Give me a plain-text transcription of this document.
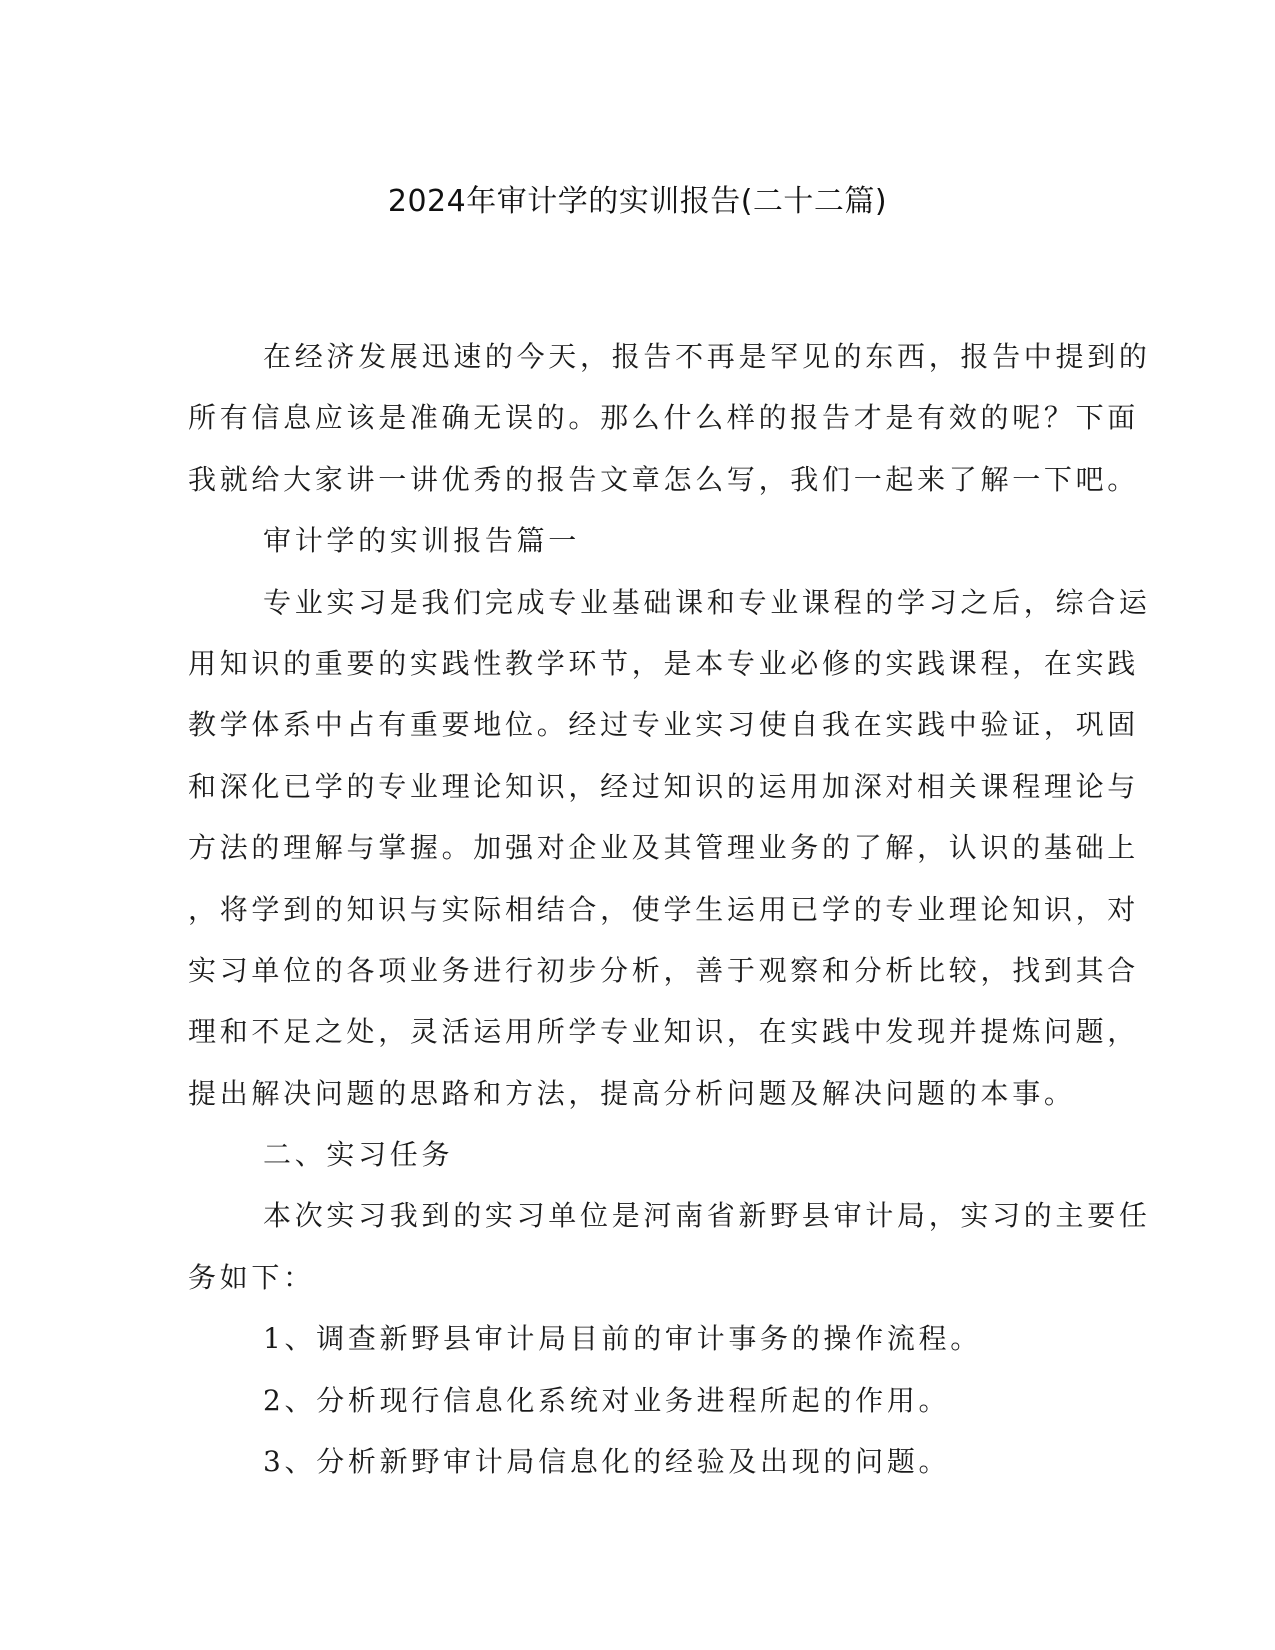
2024年审计学的实训报告(二十二篇)
在经济发展迅速的今天，报告不再是罕见的东西，报告中提到的
所有信息应该是准确无误的。那么什么样的报告才是有效的呢？下面
我就给大家讲一讲优秀的报告文章怎么写，我们一起来了解一下吧。
审计学的实训报告篇一
专业实习是我们完成专业基础课和专业课程的学习之后，综合运
用知识的重要的实践性教学环节，是本专业必修的实践课程，在实践
教学体系中占有重要地位。经过专业实习使自我在实践中验证，巩固
和深化已学的专业理论知识，经过知识的运用加深对相关课程理论与
方法的理解与掌握。加强对企业及其管理业务的了解，认识的基础上
，将学到的知识与实际相结合，使学生运用已学的专业理论知识，对
实习单位的各项业务进行初步分析，善于观察和分析比较，找到其合
理和不足之处，灵活运用所学专业知识，在实践中发现并提炼问题，
提出解决问题的思路和方法，提高分析问题及解决问题的本事。
二、实习任务
本次实习我到的实习单位是河南省新野县审计局，实习的主要任
务如下：
1、调查新野县审计局目前的审计事务的操作流程。
2、分析现行信息化系统对业务进程所起的作用。
3、分析新野审计局信息化的经验及出现的问题。
